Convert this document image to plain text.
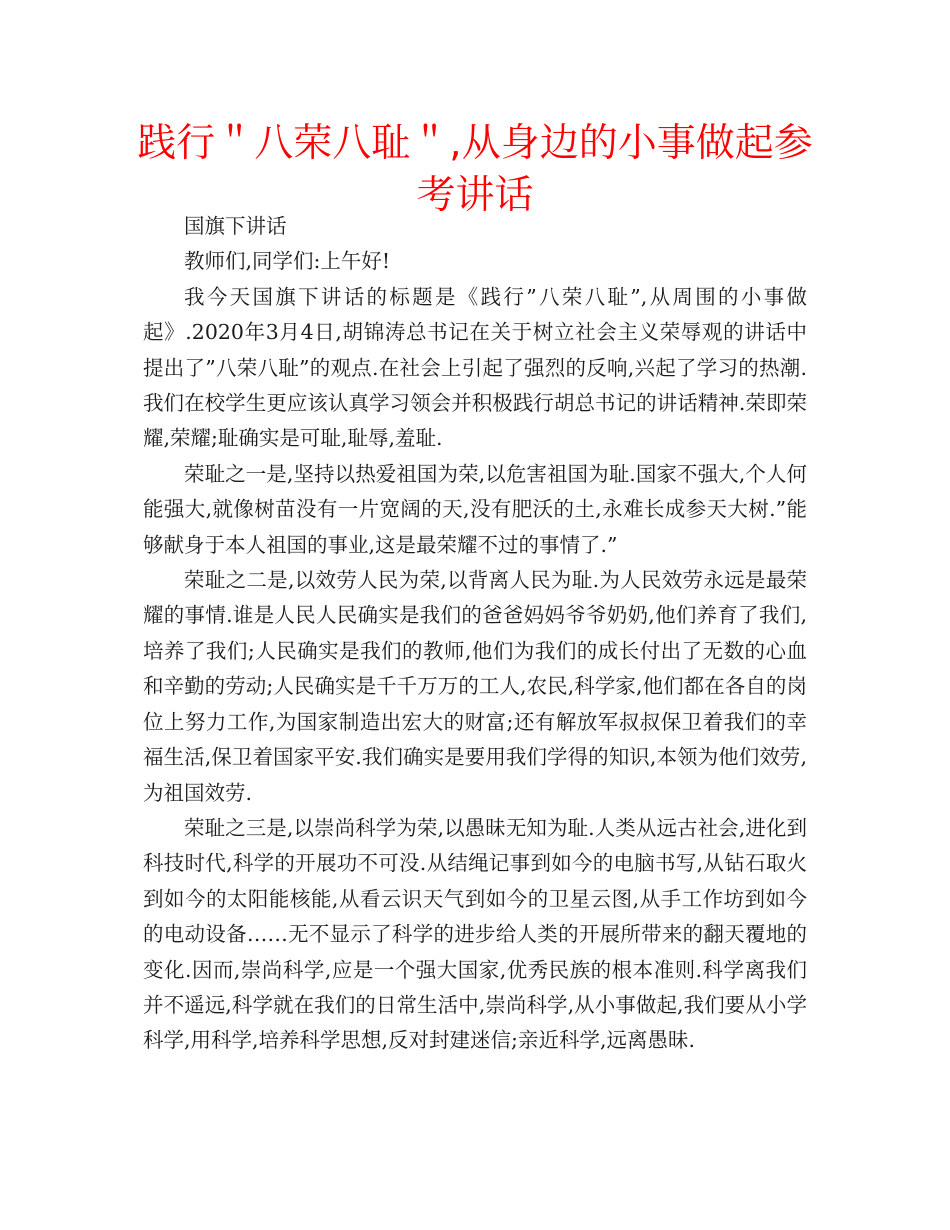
践行＂八荣八耻＂,从身边的小事做起参考讲话

国旗下讲话

教师们,同学们:上午好!

我今天国旗下讲话的标题是《践行”八荣八耻”,从周围的小事做起》.2020年3月4日,胡锦涛总书记在关于树立社会主义荣辱观的讲话中提出了”八荣八耻”的观点.在社会上引起了强烈的反响,兴起了学习的热潮.我们在校学生更应该认真学习领会并积极践行胡总书记的讲话精神.荣即荣耀,荣耀;耻确实是可耻,耻辱,羞耻.

荣耻之一是,坚持以热爱祖国为荣,以危害祖国为耻.国家不强大,个人何能强大,就像树苗没有一片宽阔的天,没有肥沃的土,永难长成参天大树.”能够献身于本人祖国的事业,这是最荣耀不过的事情了.”

荣耻之二是,以效劳人民为荣,以背离人民为耻.为人民效劳永远是最荣耀的事情.谁是人民人民确实是我们的爸爸妈妈爷爷奶奶,他们养育了我们,培养了我们;人民确实是我们的教师,他们为我们的成长付出了无数的心血和辛勤的劳动;人民确实是千千万万的工人,农民,科学家,他们都在各自的岗位上努力工作,为国家制造出宏大的财富;还有解放军叔叔保卫着我们的幸福生活,保卫着国家平安.我们确实是要用我们学得的知识,本领为他们效劳,为祖国效劳.

荣耻之三是,以崇尚科学为荣,以愚昧无知为耻.人类从远古社会,进化到科技时代,科学的开展功不可没.从结绳记事到如今的电脑书写,从钻石取火到如今的太阳能核能,从看云识天气到如今的卫星云图,从手工作坊到如今的电动设备……无不显示了科学的进步给人类的开展所带来的翻天覆地的变化.因而,崇尚科学,应是一个强大国家,优秀民族的根本准则.科学离我们并不遥远,科学就在我们的日常生活中,崇尚科学,从小事做起,我们要从小学科学,用科学,培养科学思想,反对封建迷信;亲近科学,远离愚昧.
